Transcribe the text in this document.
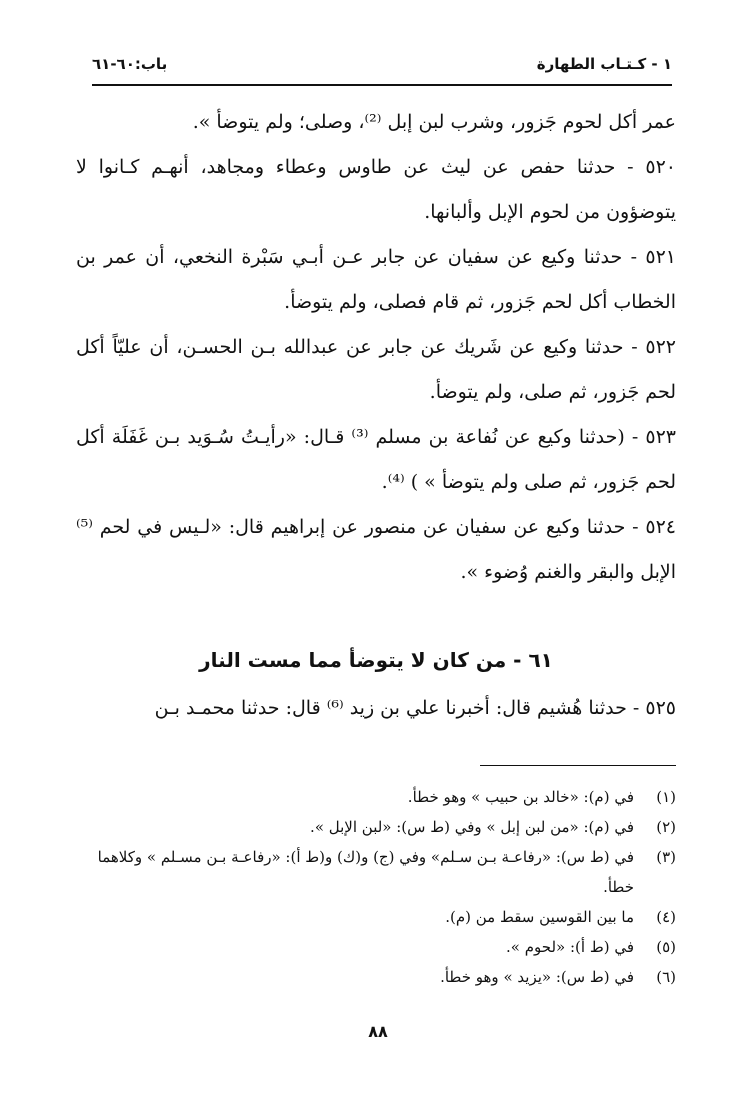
١ - كـتـاب الطهارة
باب:٦٠-٦١

عمر أكل لحوم جَزور، وشرب لبن إبل ⁽²⁾، وصلى؛ ولم يتوضأ ».

٥٢٠ - حدثنا حفص عن ليث عن طاوس وعطاء ومجاهد، أنهـم كـانوا لا يتوضؤون من لحوم الإبل وألبانها.

٥٢١ - حدثنا وكيع عن سفيان عن جابر عـن أبـي سَبْرة النخعي، أن عمر بن الخطاب أكل لحم جَزور، ثم قام فصلى، ولم يتوضأ.

٥٢٢ - حدثنا وكيع عن شَريك عن جابر عن عبدالله بـن الحسـن، أن عليّاً أكل لحم جَزور، ثم صلى، ولم يتوضأ.

٥٢٣ - (حدثنا وكيع عن نُفاعة بن مسلم ⁽³⁾ قـال: «رأيـتُ سُـوَيد بـن غَفَلَة أكل لحم جَزور، ثم صلى ولم يتوضأ » ) ⁽⁴⁾.

٥٢٤ - حدثنا وكيع عن سفيان عن منصور عن إبراهيم قال: «لـيس في لحم ⁽⁵⁾ الإبل والبقر والغنم وُضوء ».

٦١ - من كان لا يتوضأ مما مست النار

٥٢٥ - حدثنا هُشيم قال: أخبرنا علي بن زيد ⁽⁶⁾ قال: حدثنا محمـد بـن

(١)
في (م): «خالد بن حبيب » وهو خطأ.
(٢)
في (م): «من لبن إبل » وفي (ط س): «لبن الإبل ».
(٣)
في (ط س): «رفاعـة بـن سـلم» وفي (ج) و(ك) و(ط أ): «رفاعـة بـن مسـلم » وكلاهما خطأ.
(٤)
ما بين القوسين سقط من (م).
(٥)
في (ط أ): «لحوم ».
(٦)
في (ط س): «يزيد » وهو خطأ.
٨٨
